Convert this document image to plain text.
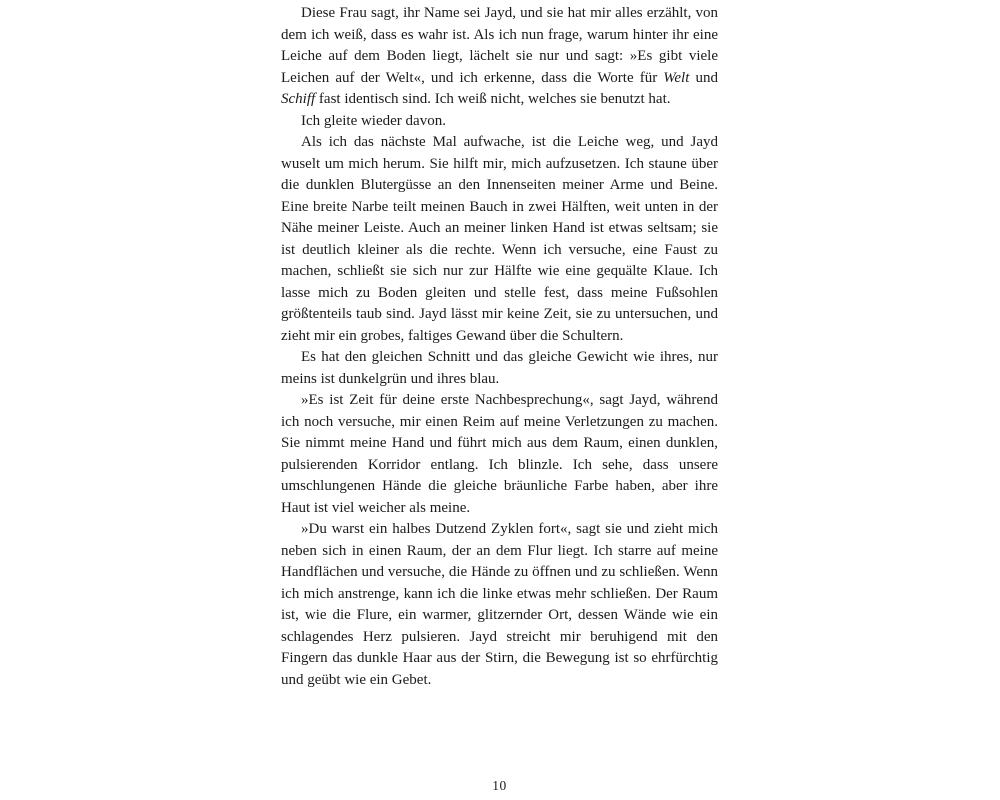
Diese Frau sagt, ihr Name sei Jayd, und sie hat mir alles erzählt, von dem ich weiß, dass es wahr ist. Als ich nun frage, warum hinter ihr eine Leiche auf dem Boden liegt, lächelt sie nur und sagt: »Es gibt viele Leichen auf der Welt«, und ich erkenne, dass die Worte für Welt und Schiff fast identisch sind. Ich weiß nicht, welches sie benutzt hat.

Ich gleite wieder davon.

Als ich das nächste Mal aufwache, ist die Leiche weg, und Jayd wuselt um mich herum. Sie hilft mir, mich aufzusetzen. Ich staune über die dunklen Blutergüsse an den Innenseiten meiner Arme und Beine. Eine breite Narbe teilt meinen Bauch in zwei Hälften, weit unten in der Nähe meiner Leiste. Auch an meiner linken Hand ist etwas seltsam; sie ist deutlich kleiner als die rechte. Wenn ich versuche, eine Faust zu machen, schließt sie sich nur zur Hälfte wie eine gequälte Klaue. Ich lasse mich zu Boden gleiten und stelle fest, dass meine Fußsohlen größtenteils taub sind. Jayd lässt mir keine Zeit, sie zu untersuchen, und zieht mir ein grobes, faltiges Gewand über die Schultern.

Es hat den gleichen Schnitt und das gleiche Gewicht wie ihres, nur meins ist dunkelgrün und ihres blau.

»Es ist Zeit für deine erste Nachbesprechung«, sagt Jayd, während ich noch versuche, mir einen Reim auf meine Verletzungen zu machen. Sie nimmt meine Hand und führt mich aus dem Raum, einen dunklen, pulsierenden Korridor entlang. Ich blinzle. Ich sehe, dass unsere umschlungenen Hände die gleiche bräunliche Farbe haben, aber ihre Haut ist viel weicher als meine.

»Du warst ein halbes Dutzend Zyklen fort«, sagt sie und zieht mich neben sich in einen Raum, der an dem Flur liegt. Ich starre auf meine Handflächen und versuche, die Hände zu öffnen und zu schließen. Wenn ich mich anstrenge, kann ich die linke etwas mehr schließen. Der Raum ist, wie die Flure, ein warmer, glitzernder Ort, dessen Wände wie ein schlagendes Herz pulsieren. Jayd streicht mir beruhigend mit den Fingern das dunkle Haar aus der Stirn, die Bewegung ist so ehrfürchtig und geübt wie ein Gebet.

10
